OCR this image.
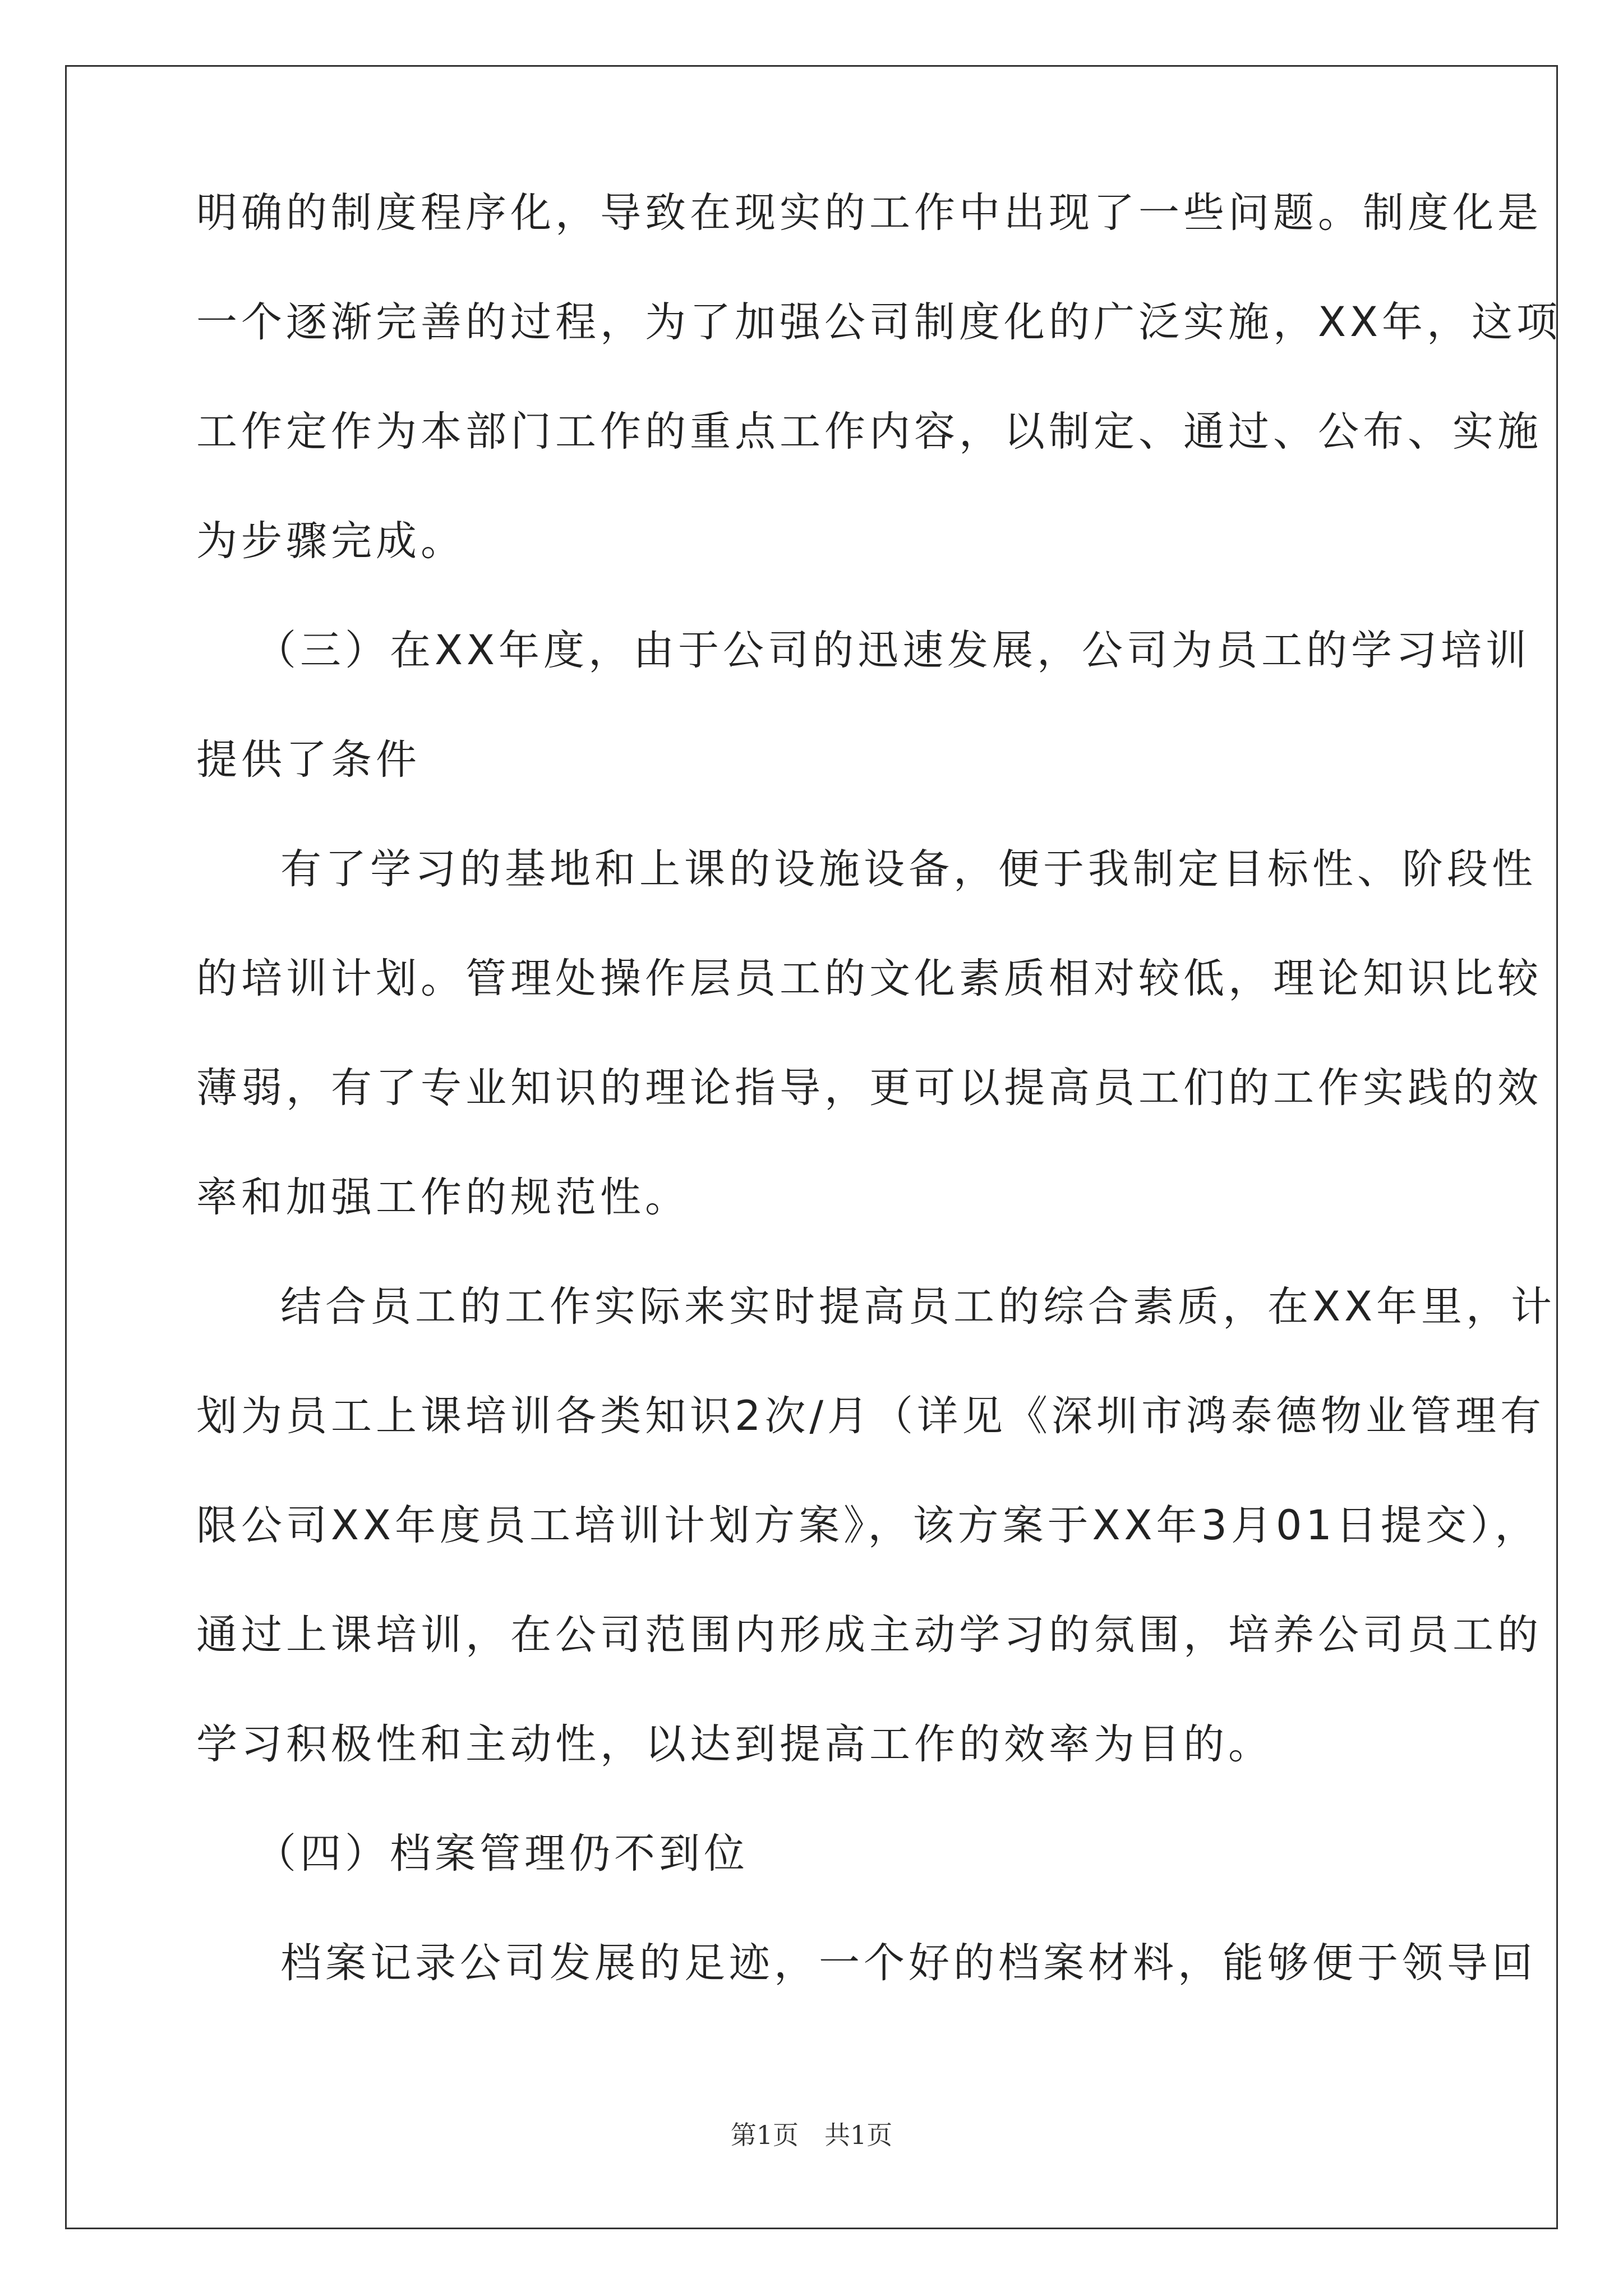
明确的制度程序化，导致在现实的工作中出现了一些问题。制度化是
一个逐渐完善的过程，为了加强公司制度化的广泛实施，XX年，这项
工作定作为本部门工作的重点工作内容，以制定、通过、公布、实施
为步骤完成。
（三）在XX年度，由于公司的迅速发展，公司为员工的学习培训
提供了条件
有了学习的基地和上课的设施设备，便于我制定目标性、阶段性
的培训计划。管理处操作层员工的文化素质相对较低，理论知识比较
薄弱，有了专业知识的理论指导，更可以提高员工们的工作实践的效
率和加强工作的规范性。
结合员工的工作实际来实时提高员工的综合素质，在XX年里，计
划为员工上课培训各类知识2次/月（详见《深圳市鸿泰德物业管理有
限公司XX年度员工培训计划方案》，该方案于XX年3月01日提交），
通过上课培训，在公司范围内形成主动学习的氛围，培养公司员工的
学习积极性和主动性，以达到提高工作的效率为目的。
（四）档案管理仍不到位
档案记录公司发展的足迹，一个好的档案材料，能够便于领导回
第1页　共1页
